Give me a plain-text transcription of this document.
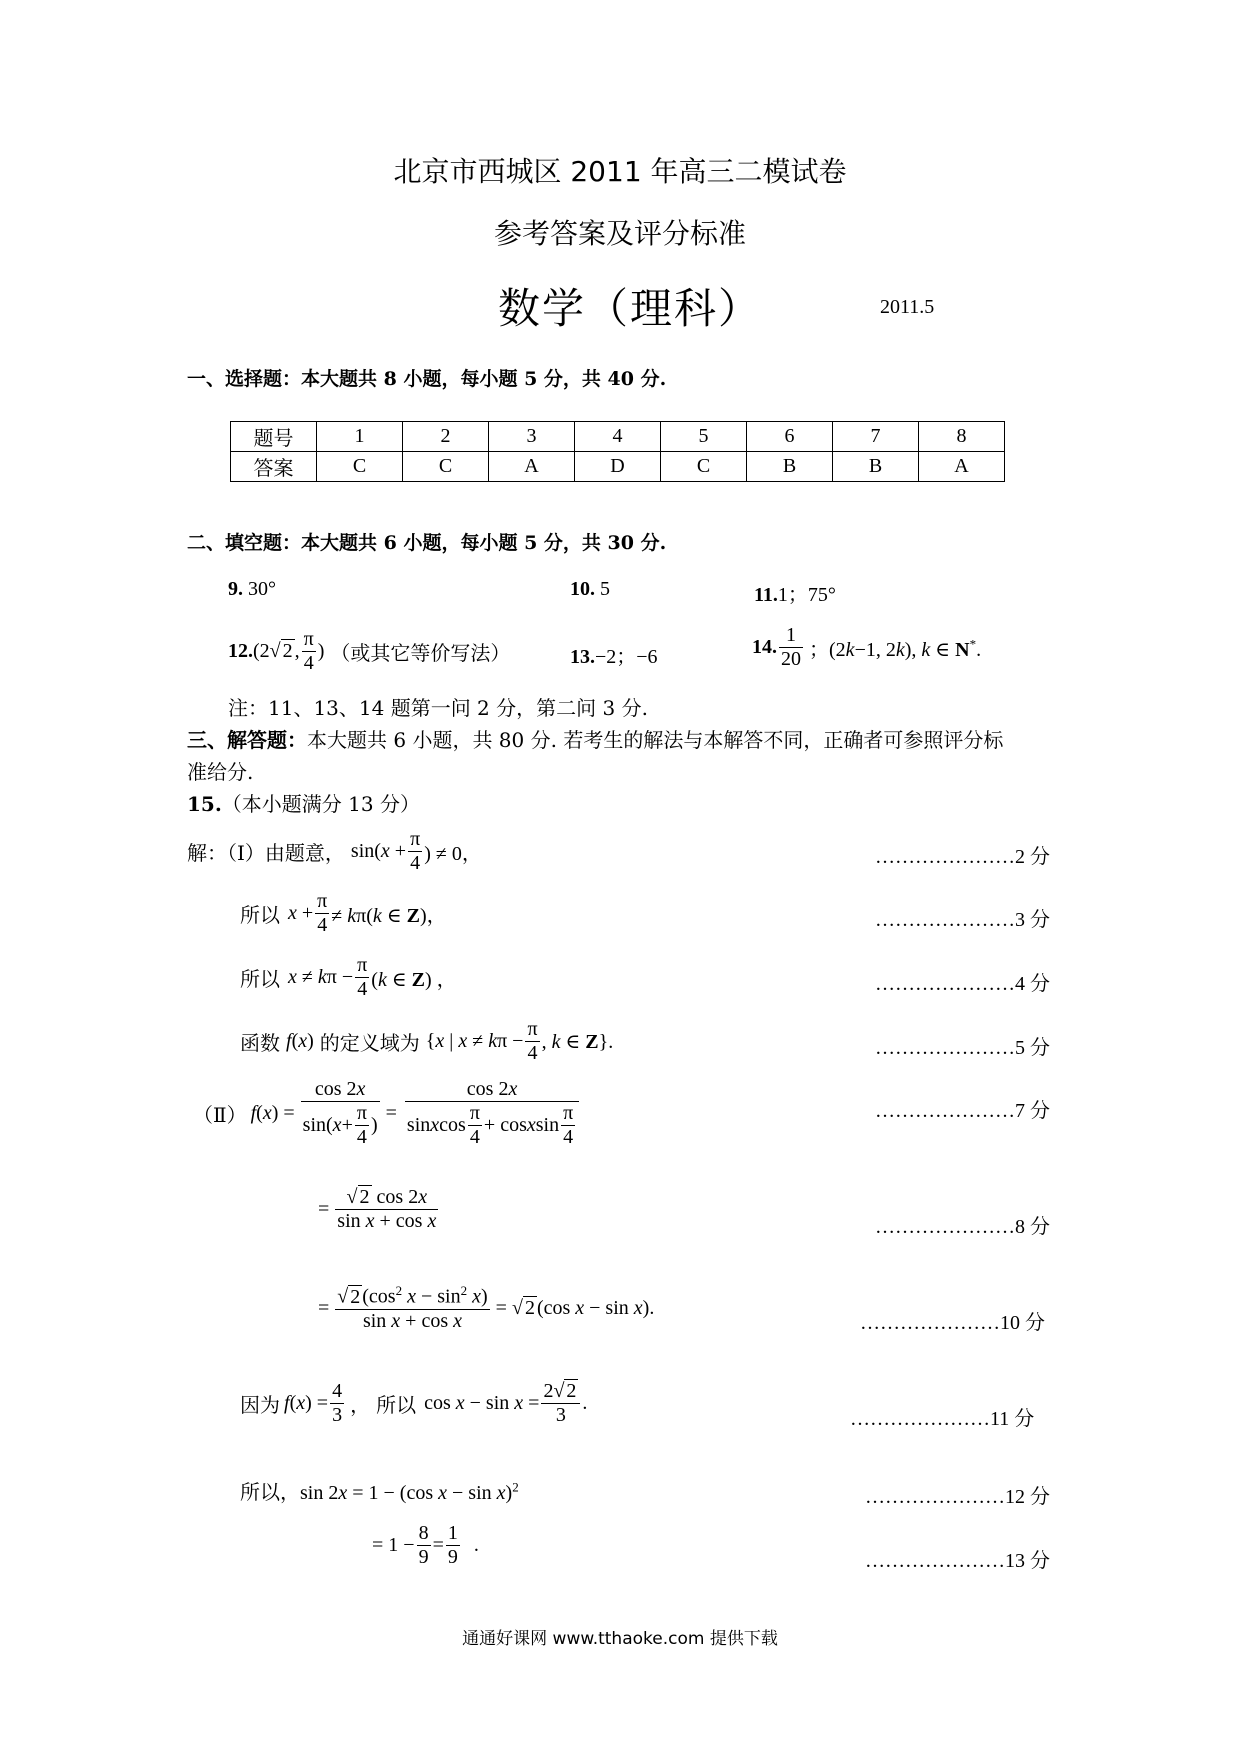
北京市西城区 2011 年高三二模试卷
参考答案及评分标准
数学（理科）	2011.5
一、选择题：本大题共 8 小题，每小题 5 分，共 40 分.
题号	1	2	3	4	5	6	7	8
答案	C	C	A	D	C	B	B	A
二、填空题：本大题共 6 小题，每小题 5 分，共 30 分.
9. 30°	10. 5	11.1；75°
12. (2√ 2 , $\frac{\pi}{4}$ ) （或其它等价写法）	13.−2；−6	14. $\frac{1}{20}$ ；(2k−1, 2k), k ∈ N*.
注：11、13、14 题第一问 2 分，第二问 3 分.
三、解答题：本大题共 6 小题，共 80 分. 若考生的解法与本解答不同，正确者可参照评分标
准给分.
15.（本小题满分 13 分）
解：（Ⅰ）由题意， $\sin(x + \frac{\pi}{4}$ ) ≠ 0，	…………………2 分
所以 $x + \frac{\pi}{4} \ne k\pi(k$ ∈ Z)，	…………………3 分
所以 $x \ne k\pi - \frac{\pi}{4} (k$ ∈ Z) ，	…………………4 分
函数 f(x) 的定义域为 {x | $x \ne k\pi - \frac{\pi}{4}$ , k ∈ Z}.	…………………5 分
（Ⅱ） $f(x) = \frac{\cos 2x}{\sin( x + \frac{\pi}{4} )} = \frac{\cos 2x}{\sin x \cos \frac{\pi}{4} + \cos x \sin \frac{\pi}{4}}$	…………………7 分
= $\frac{√ 2 \cos 2x}{\text{sin x + cos x}}$	…………………8 分
= $\frac{√ 2 (\cos^2 x - \sin^2 x)}{\text{sin x + cos x}}$ = √ 2 (cos x − sin x).
…………………10 分
因为 $f(x) = \frac{4}{3}$ ， 所以 $\cos x - \sin x = \frac{2√ 2}{3}$ .
…………………11 分
所以，sin 2x = 1 − (cos x − sin x)$^2$	…………………12 分
= $1 - \frac{8}{9} = \frac{1}{9}$ .
…………………13 分
通通好课网 www.tthaoke.com 提供下载
